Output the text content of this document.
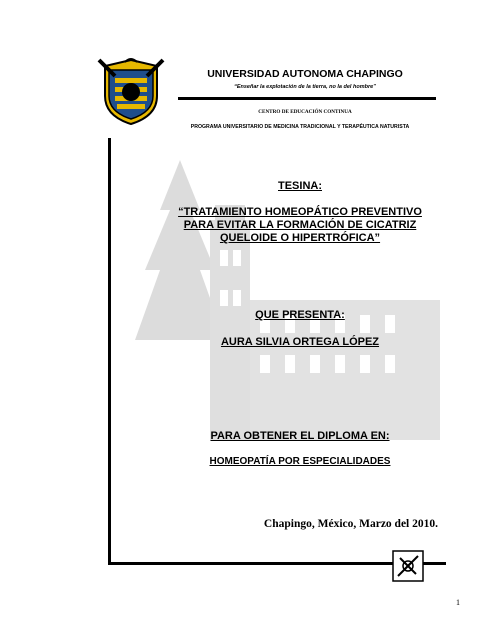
UNIVERSIDAD AUTONOMA CHAPINGO
“Enseñar la explotación de la tierra, no la del hombre”
CENTRO DE EDUCACIÓN CONTINUA
PROGRAMA UNIVERSITARIO DE MEDICINA TRADICIONAL Y TERAPÉUTICA NATURISTA
TESINA:
“TRATAMIENTO HOMEOPÁTICO PREVENTIVO
PARA EVITAR LA FORMACIÓN DE CICATRIZ
QUELOIDE O HIPERTRÓFICA”
QUE PRESENTA:
AURA SILVIA ORTEGA LÓPEZ
PARA OBTENER EL DIPLOMA EN:
HOMEOPATÍA POR ESPECIALIDADES
Chapingo, México, Marzo del 2010.
1
